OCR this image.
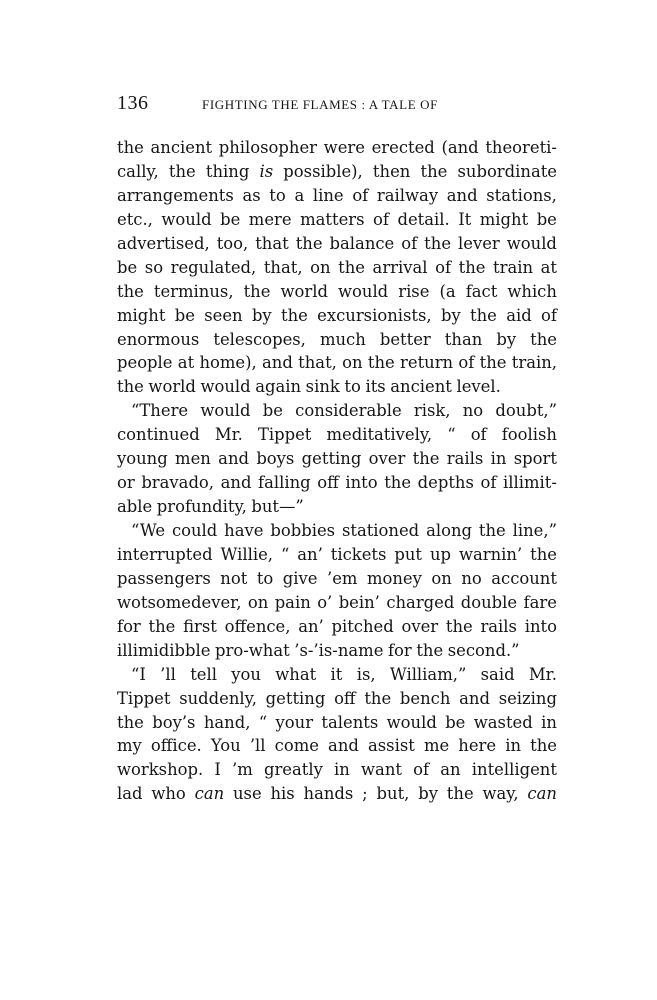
136	FIGHTING THE FLAMES : A TALE OF
the ancient philosopher were erected (and theoreti-
cally, the thing is possible), then the subordinate
arrangements as to a line of railway and stations,
etc., would be mere matters of detail. It might be
advertised, too, that the balance of the lever would
be so regulated, that, on the arrival of the train at
the terminus, the world would rise (a fact which
might be seen by the excursionists, by the aid of
enormous telescopes, much better than by the
people at home), and that, on the return of the train,
the world would again sink to its ancient level.
“There would be considerable risk, no doubt,”
continued Mr. Tippet meditatively, “ of foolish
young men and boys getting over the rails in sport
or bravado, and falling off into the depths of illimit-
able profundity, but—”
“We could have bobbies stationed along the line,”
interrupted Willie, “ an’ tickets put up warnin’ the
passengers not to give ’em money on no account
wotsomedever, on pain o’ bein’ charged double fare
for the first offence, an’ pitched over the rails into
illimidibble pro-what ’s-’is-name for the second.”
“I ’ll tell you what it is, William,” said Mr.
Tippet suddenly, getting off the bench and seizing
the boy’s hand, “ your talents would be wasted in
my office. You ’ll come and assist me here in the
workshop. I ’m greatly in want of an intelligent
lad who can use his hands ; but, by the way, can
